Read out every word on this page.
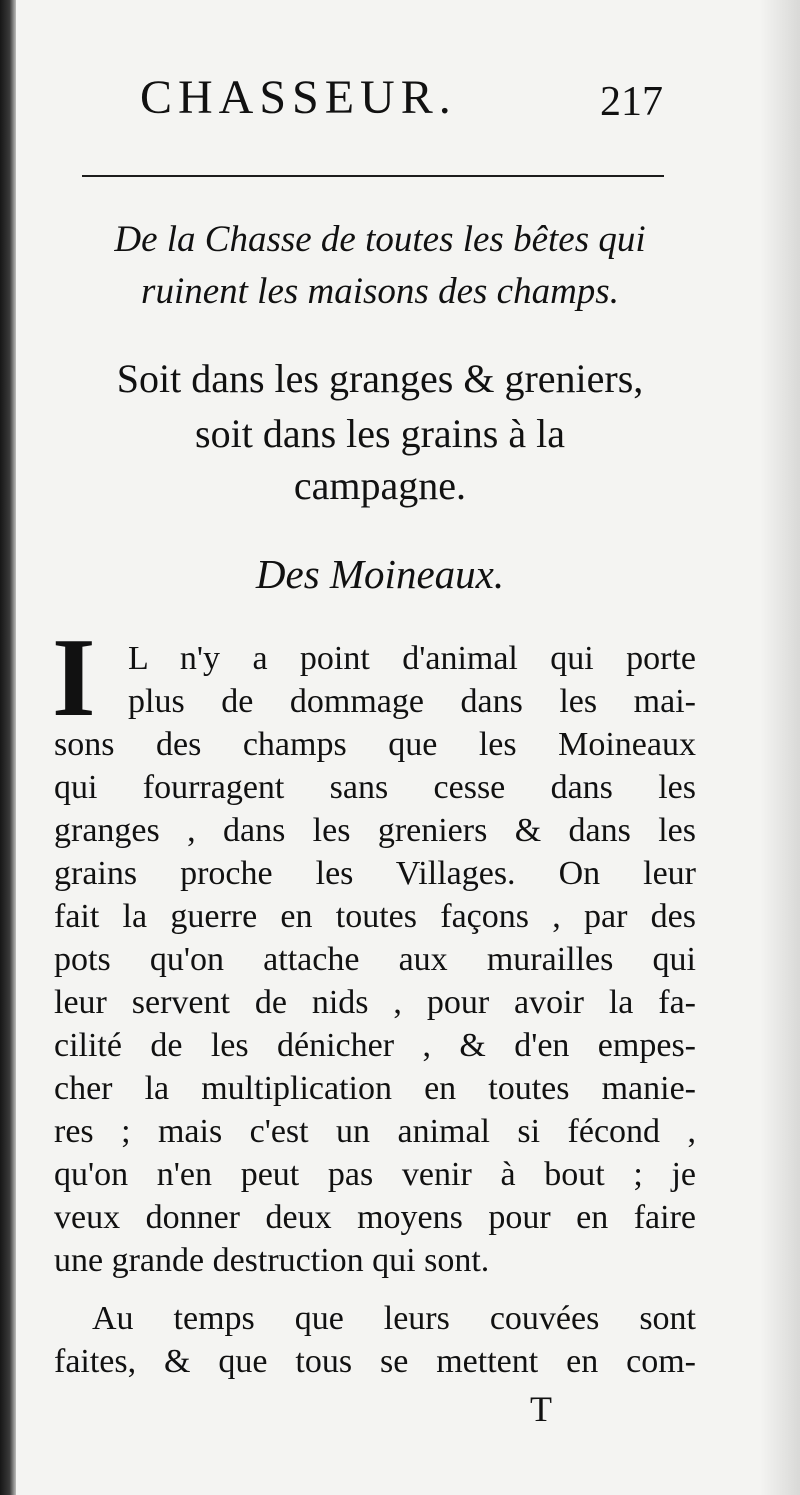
CHASSEUR.	217
De la Chasse de toutes les bêtes qui
ruinent les maisons des champs.
Soit dans les granges & greniers,
soit dans les grains à la
campagne.
Des Moineaux.
I L n'y a point d'animal qui porte
plus de dommage dans les mai-
sons des champs que les Moineaux
qui fourragent sans cesse dans les
granges , dans les greniers & dans les
grains proche les Villages. On leur
fait la guerre en toutes façons , par des
pots qu'on attache aux murailles qui
leur servent de nids , pour avoir la fa-
cilité de les dénicher , & d'en empes-
cher la multiplication en toutes manie-
res ; mais c'est un animal si fécond ,
qu'on n'en peut pas venir à bout ; je
veux donner deux moyens pour en faire
une grande destruction qui sont.
Au temps que leurs couvées sont
faites, & que tous se mettent en com-
T
